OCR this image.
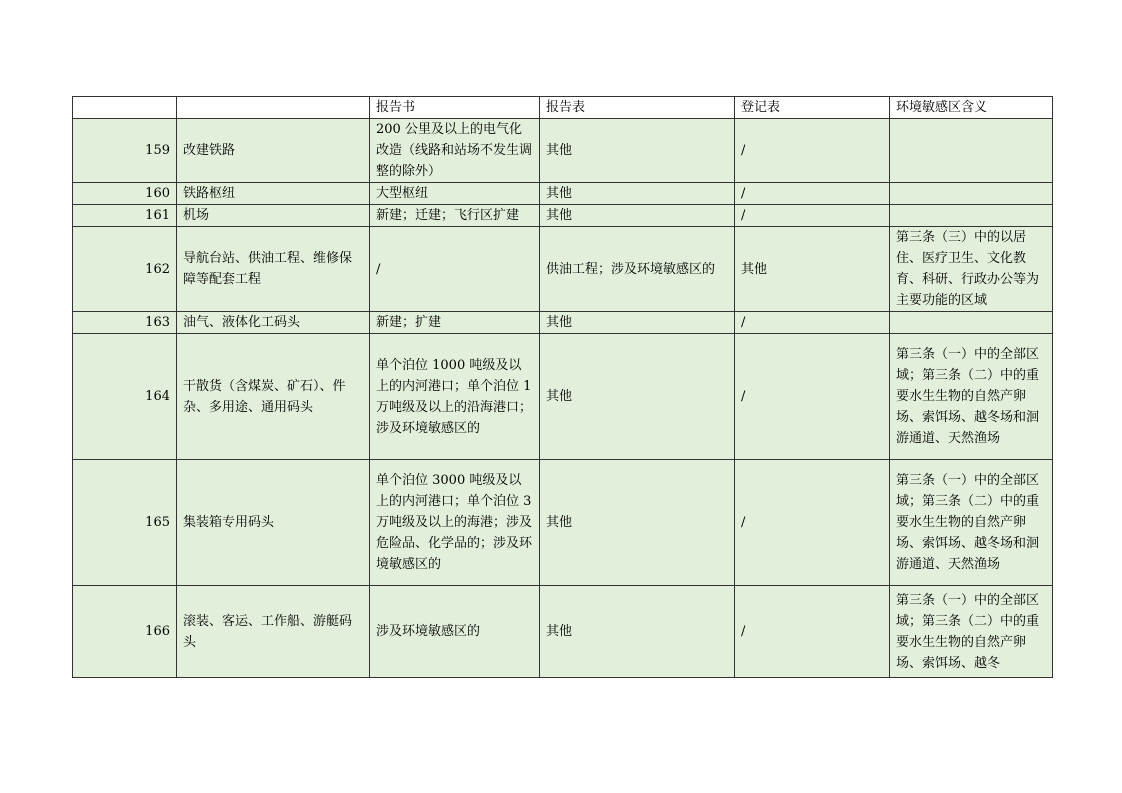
		报告书	报告表	登记表	环境敏感区含义
159	改建铁路	200 公里及以上的电气化改造（线路和站场不发生调整的除外）	其他	/	
160	铁路枢纽	大型枢纽	其他	/	
161	机场	新建；迁建；飞行区扩建	其他	/	
162	导航台站、供油工程、维修保障等配套工程	/	供油工程；涉及环境敏感区的	其他	第三条（三）中的以居住、医疗卫生、文化教育、科研、行政办公等为主要功能的区域
163	油气、液体化工码头	新建；扩建	其他	/	
164	干散货（含煤炭、矿石）、件杂、多用途、通用码头	单个泊位 1000 吨级及以上的内河港口；单个泊位 1 万吨级及以上的沿海港口；涉及环境敏感区的	其他	/	第三条（一）中的全部区域；第三条（二）中的重要水生生物的自然产卵场、索饵场、越冬场和洄游通道、天然渔场
165	集装箱专用码头	单个泊位 3000 吨级及以上的内河港口；单个泊位 3 万吨级及以上的海港；涉及危险品、化学品的；涉及环境敏感区的	其他	/	第三条（一）中的全部区域；第三条（二）中的重要水生生物的自然产卵场、索饵场、越冬场和洄游通道、天然渔场
166	滚装、客运、工作船、游艇码头	涉及环境敏感区的	其他	/	第三条（一）中的全部区域；第三条（二）中的重要水生生物的自然产卵场、索饵场、越冬
